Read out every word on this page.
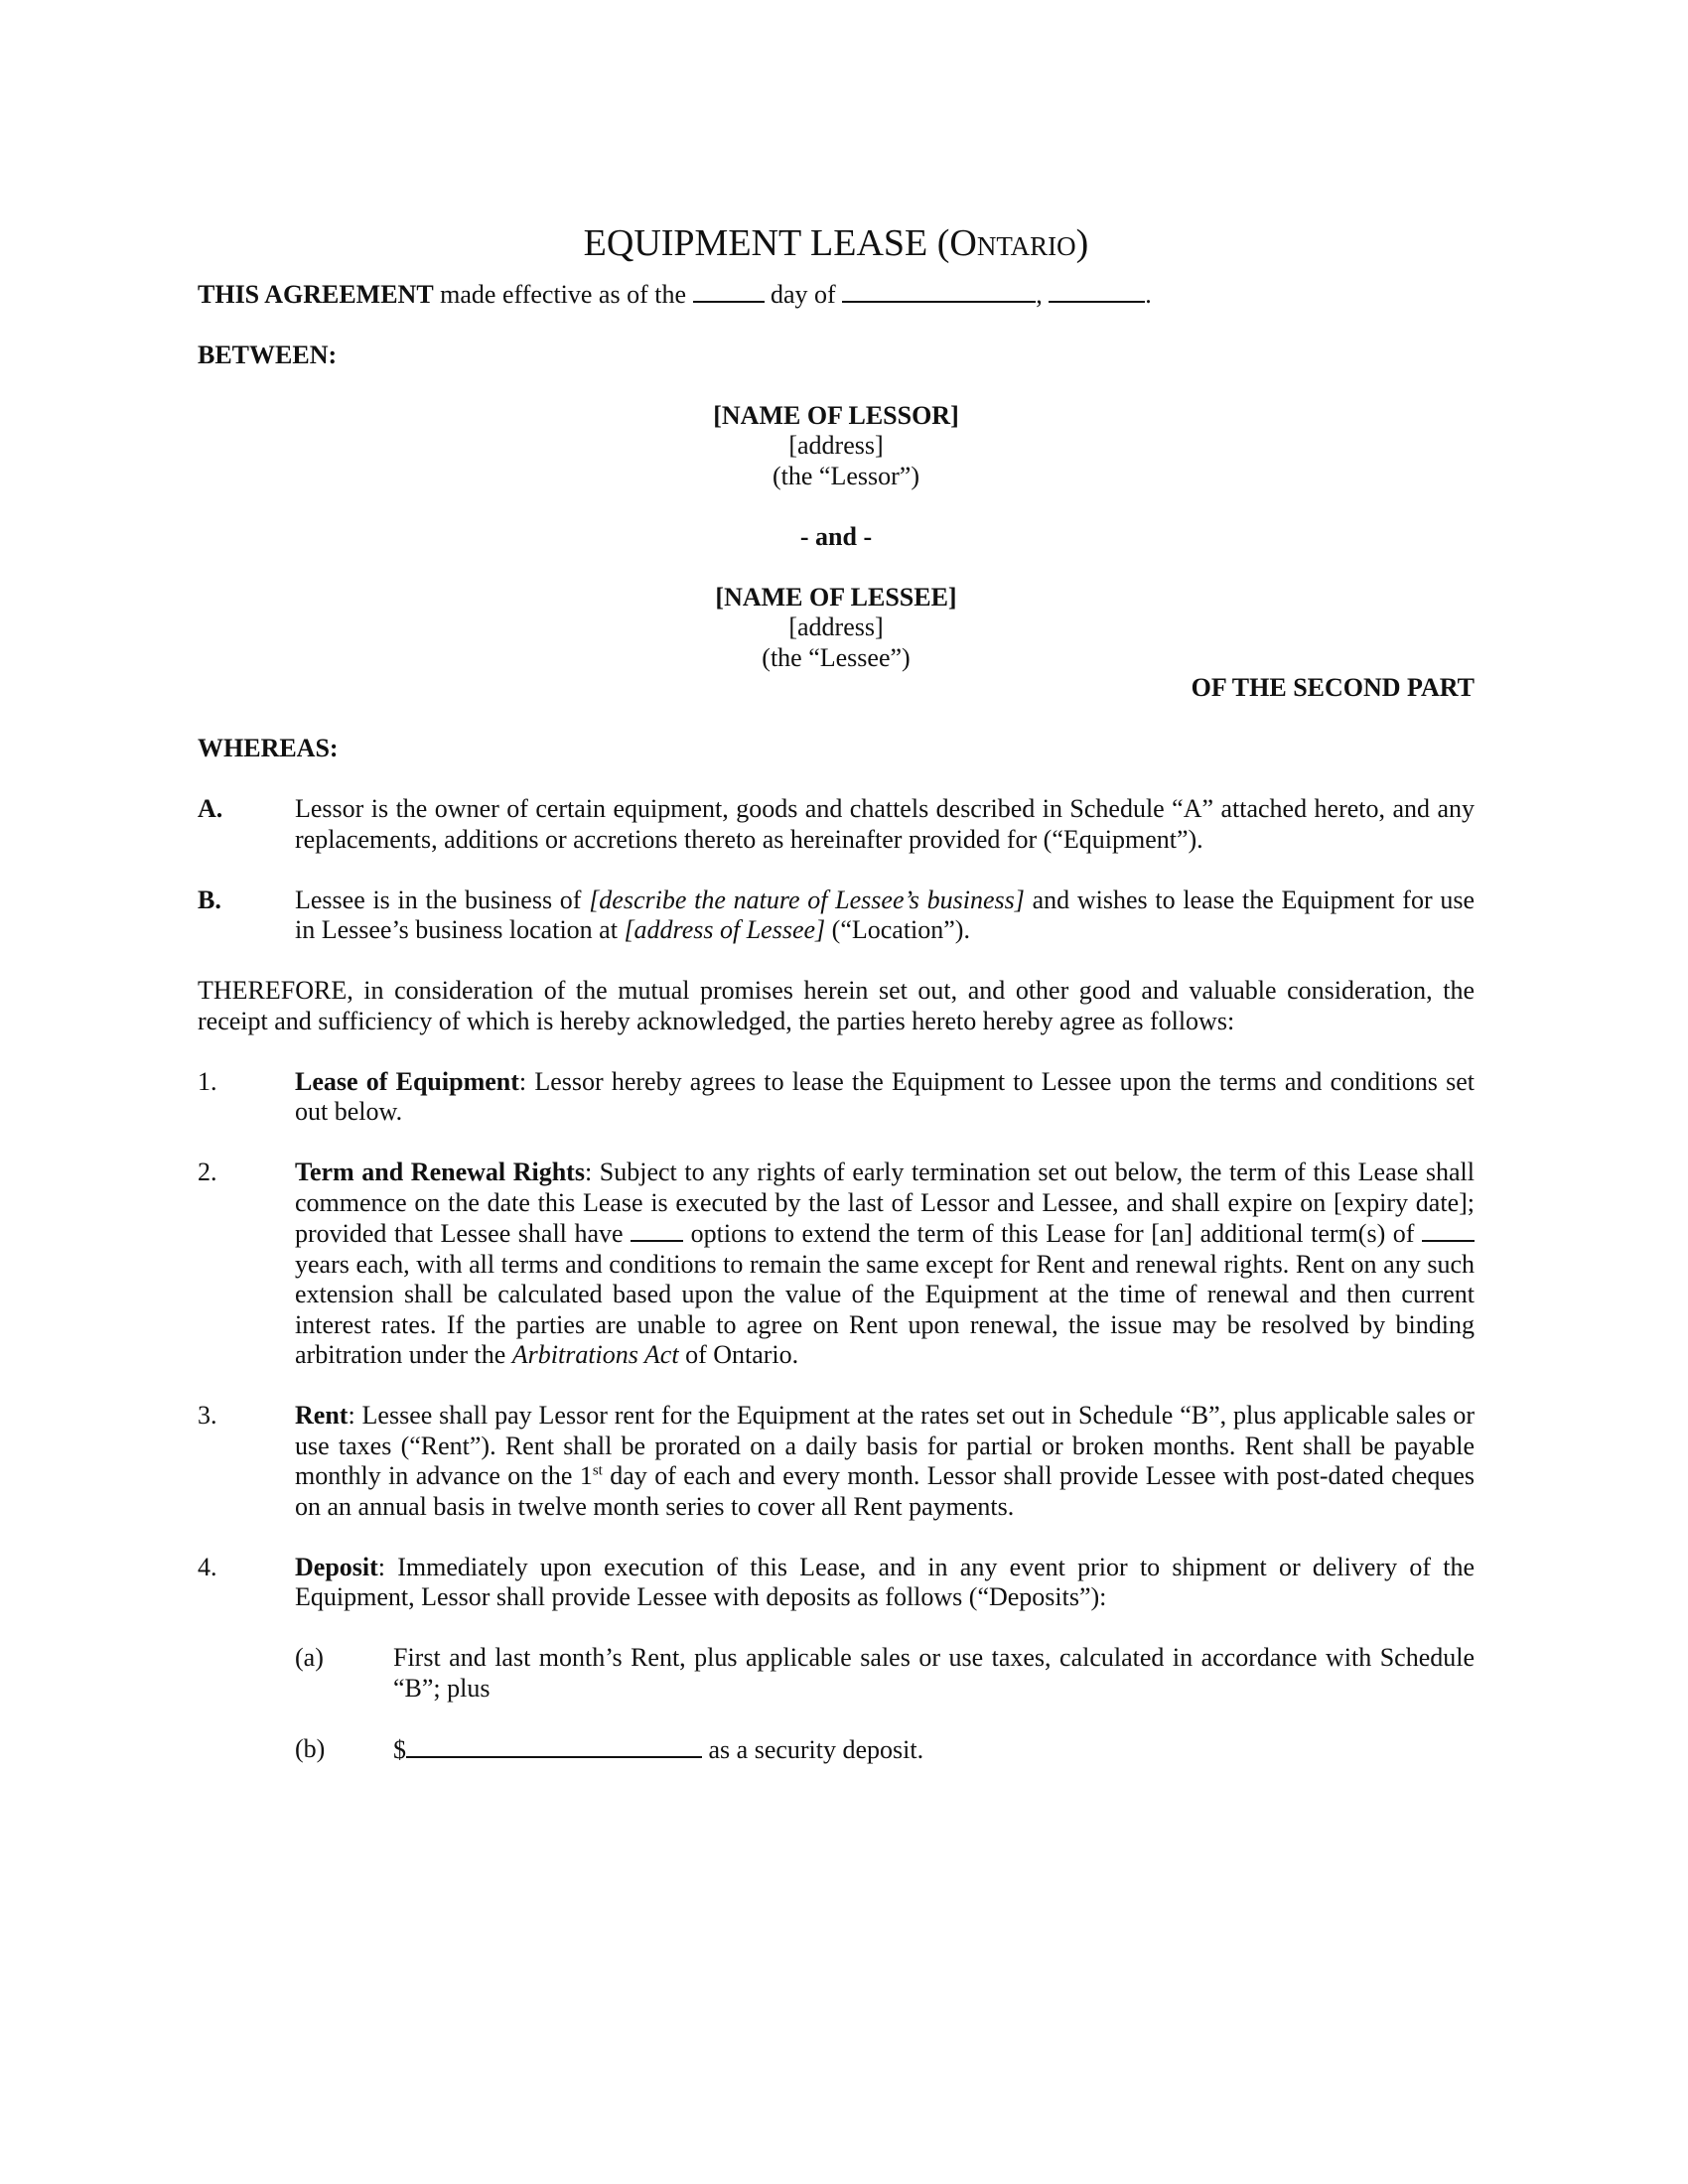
EQUIPMENT LEASE (Ontario)

THIS AGREEMENT made effective as of the	day of	,	.

BETWEEN:

[NAME OF LESSOR]
[address]
(the “Lessor”)
- and -
[NAME OF LESSEE]
[address]
(the “Lessee”)
OF THE SECOND PART

WHEREAS:

A.	Lessor is the owner of certain equipment, goods and chattels described in Schedule “A” attached hereto, and any replacements, additions or accretions thereto as hereinafter provided for (“Equipment”).
B.	Lessee is in the business of [describe the nature of Lessee’s business] and wishes to lease the Equipment for use in Lessee’s business location at [address of Lessee] (“Location”).

THEREFORE, in consideration of the mutual promises herein set out, and other good and valuable consideration, the receipt and sufficiency of which is hereby acknowledged, the parties hereto hereby agree as follows:

1.	Lease of Equipment: Lessor hereby agrees to lease the Equipment to Lessee upon the terms and conditions set out below.
2.	Term and Renewal Rights: Subject to any rights of early termination set out below, the term of this Lease shall commence on the date this Lease is executed by the last of Lessor and Lessee, and shall expire on [expiry date]; provided that Lessee shall have  options to extend the term of this Lease for [an] additional term(s) of  years each, with all terms and conditions to remain the same except for Rent and renewal rights. Rent on any such extension shall be calculated based upon the value of the Equipment at the time of renewal and then current interest rates. If the parties are unable to agree on Rent upon renewal, the issue may be resolved by binding arbitration under the Arbitrations Act of Ontario.
3.	Rent: Lessee shall pay Lessor rent for the Equipment at the rates set out in Schedule “B”, plus applicable sales or use taxes (“Rent”). Rent shall be prorated on a daily basis for partial or broken months. Rent shall be payable monthly in advance on the 1st day of each and every month. Lessor shall provide Lessee with post-dated cheques on an annual basis in twelve month series to cover all Rent payments.
4.	Deposit: Immediately upon execution of this Lease, and in any event prior to shipment or delivery of the Equipment, Lessor shall provide Lessee with deposits as follows (“Deposits”):
(a)	First and last month’s Rent, plus applicable sales or use taxes, calculated in accordance with Schedule “B”; plus
(b)	$	as a security deposit.
